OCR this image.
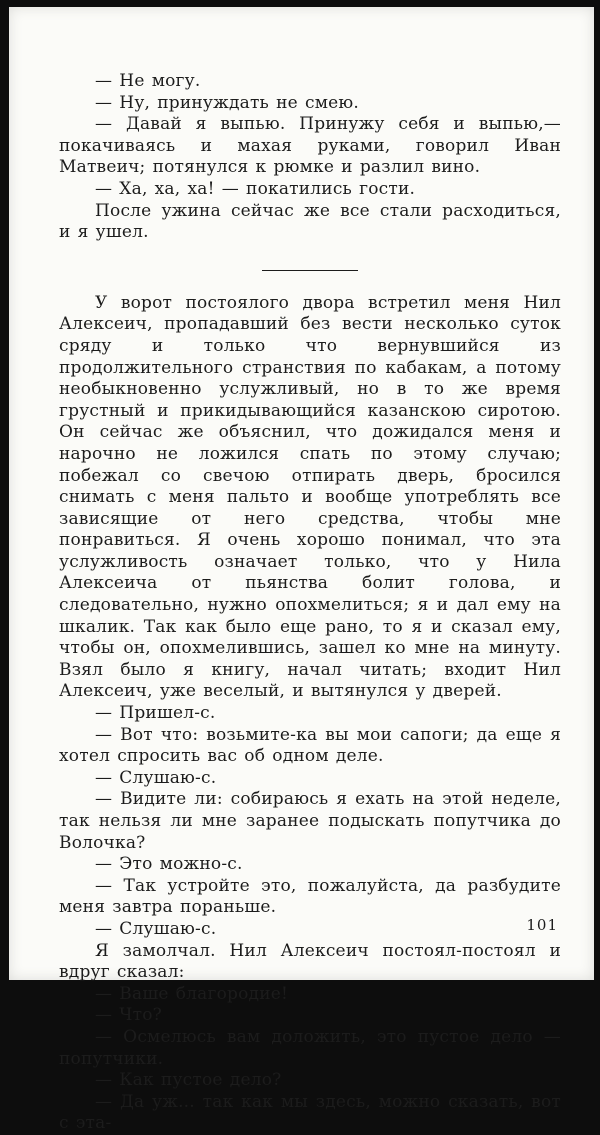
— Не могу.

— Ну, принуждать не смею.

— Давай я выпью. Принужу себя и выпью,— покачиваясь и махая руками, говорил Иван Матвеич; потянулся к рюмке и разлил вино.

— Ха, ха, ха! — покатились гости.

После ужина сейчас же все стали расходиться, и я ушел.

У ворот постоялого двора встретил меня Нил Алексеич, пропадавший без вести несколько суток сряду и только что вернувшийся из продолжительного странствия по кабакам, а потому необыкновенно услужливый, но в то же время грустный и прикидывающийся казанскою сиротою. Он сейчас же объяснил, что дожидался меня и нарочно не ложился спать по этому случаю; побежал со свечою отпирать дверь, бросился снимать с меня пальто и вообще употреблять все зависящие от него средства, чтобы мне понравиться. Я очень хорошо понимал, что эта услужливость означает только, что у Нила Алексеича от пьянства болит голова, и следовательно, нужно опохмелиться; я и дал ему на шкалик. Так как было еще рано, то я и сказал ему, чтобы он, опохмелившись, зашел ко мне на минуту. Взял было я книгу, начал читать; входит Нил Алексеич, уже веселый, и вытянулся у дверей.

— Пришел-с.

— Вот что: возьмите-ка вы мои сапоги; да еще я хотел спросить вас об одном деле.

— Слушаю-с.

— Видите ли: собираюсь я ехать на этой неделе, так нельзя ли мне заранее подыскать попутчика до Волочка?

— Это можно-с.

— Так устройте это, пожалуйста, да разбудите меня завтра пораньше.

— Слушаю-с.

Я замолчал. Нил Алексеич постоял-постоял и вдруг сказал:

— Ваше благородие!

— Что?

— Осмелюсь вам доложить, это пустое дело — попутчики.

— Как пустое дело?

— Да уж... так как мы здесь, можно сказать, вот с эта-

101
